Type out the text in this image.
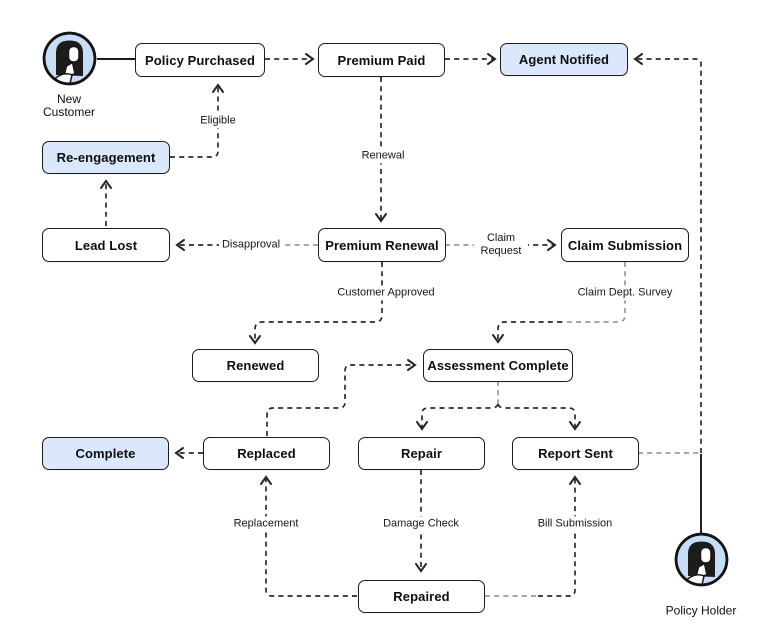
Policy Purchased	Premium Paid	Agent Notified
Re-engagement
Lead Lost	Premium Renewal	Claim Submission
Renewed	Assessment Complete
Complete	Replaced	Repair	Report Sent
Repaired
Eligible
Renewal
Disapproval
Claim Request
Customer Approved	Claim Dept. Survey
Replacement	Damage Check	Bill Submission
New Customer
Policy Holder
